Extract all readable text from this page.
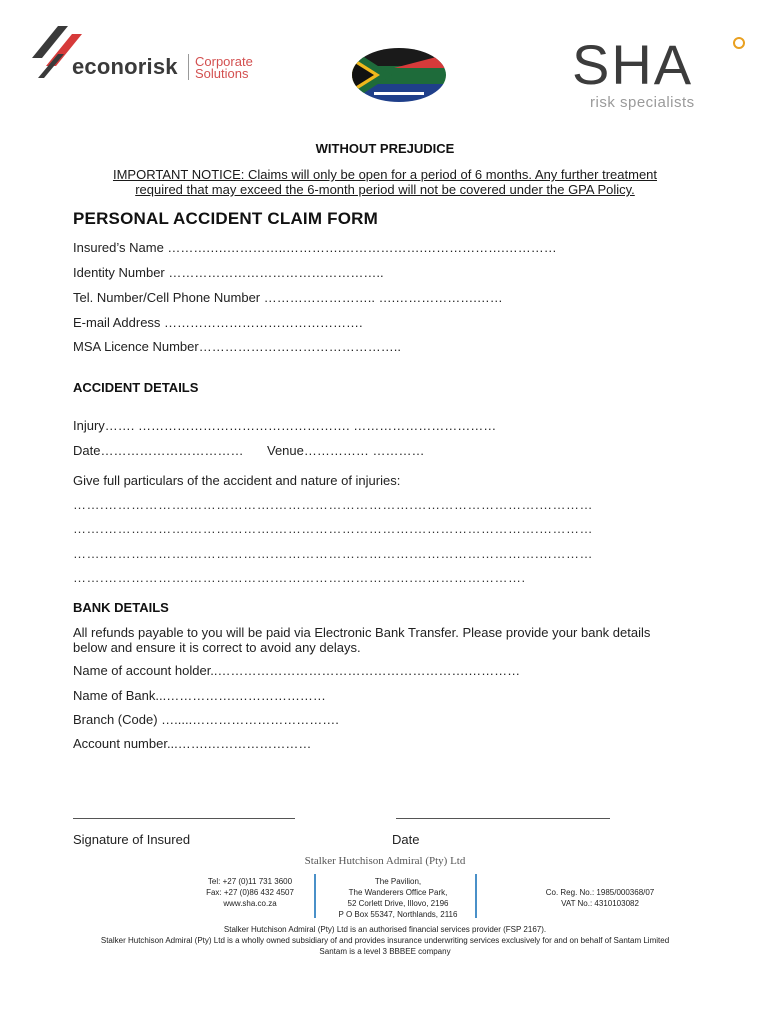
econorisk Corporate
Solutions	SHA
risk specialists
WITHOUT PREJUDICE
IMPORTANT NOTICE: Claims will only be open for a period of 6 months. Any further treatment
required that may exceed the 6-month period will not be covered under the GPA Policy.
PERSONAL ACCIDENT CLAIM FORM
Insured’s Name ……….….…………..………….……………….……………….…………
Identity Number …………………………………………..
Tel. Number/Cell Phone Number …………………….. ….……………….……
E-mail Address ……………………………………….
MSA Licence Number………………………………………..
ACCIDENT DETAILS
Injury……. …………………………………………. ……………………………
Date…………………………… Venue…………… …………
Give full particulars of the accident and nature of injuries:
…….……………….……………….………………………….……………………….…………
…….……………….……………….………………………….……………………….…………
…….……………….……………….………………………….……………………….…………
…….……………….……………….………………………….…………………….
BANK DETAILS
All refunds payable to you will be paid via Electronic Bank Transfer. Please provide your bank details
below and ensure it is correct to avoid any delays.
Name of account holder..………………………………………………….…………
Name of Bank...…………….…………………
Branch (Code) ….....…………………………….
Account number...…….……………………
Signature of Insured	Date
Stalker Hutchison Admiral (Pty) Ltd
Tel: +27 (0)11 731 3600
Fax: +27 (0)86 432 4507
www.sha.co.za
The Pavilion,
The Wanderers Office Park,
52 Corlett Drive, Illovo, 2196
P O Box 55347, Northlands, 2116
Co. Reg. No.: 1985/000368/07
VAT No.: 4310103082
Stalker Hutchison Admiral (Pty) Ltd is an authorised financial services provider (FSP 2167).
Stalker Hutchison Admiral (Pty) Ltd is a wholly owned subsidiary of and provides insurance underwriting services exclusively for and on behalf of Santam Limited
Santam is a level 3 BBBEE company
